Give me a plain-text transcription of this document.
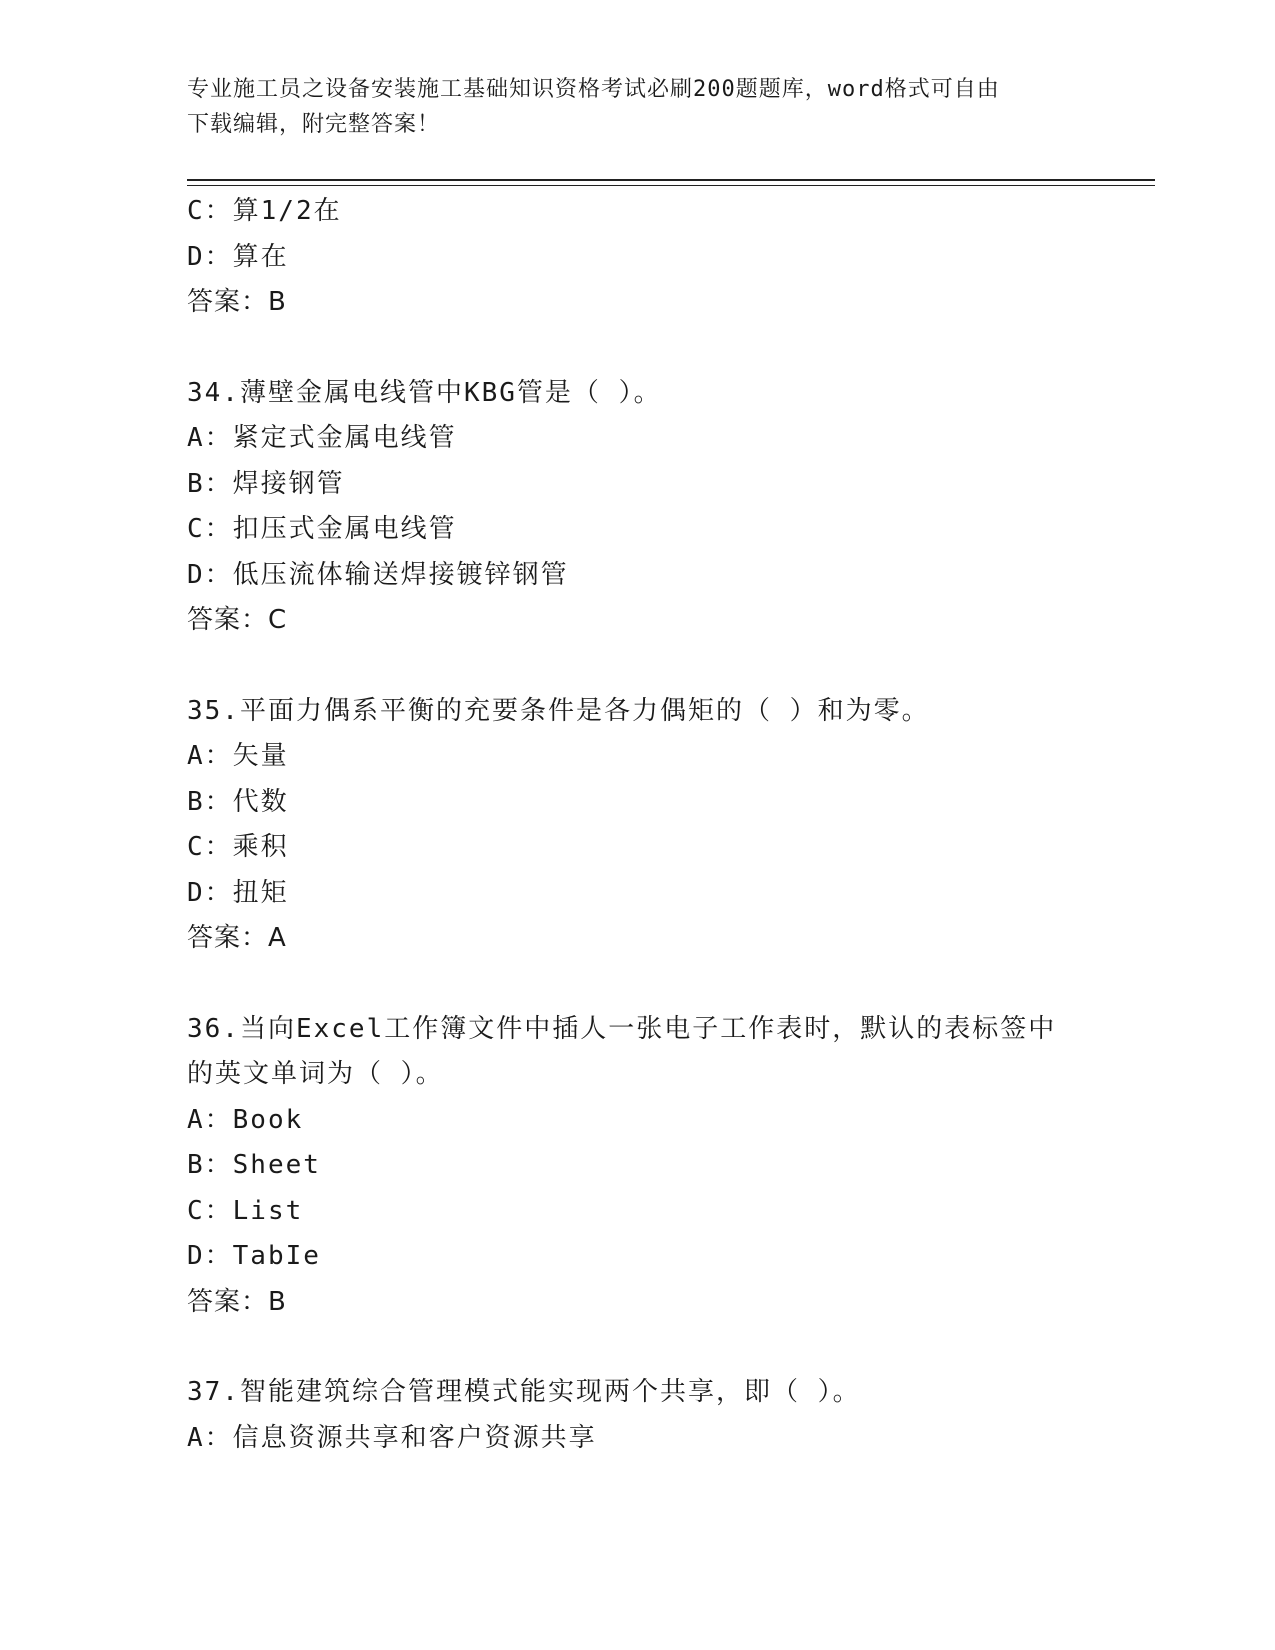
专业施工员之设备安装施工基础知识资格考试必刷200题题库，word格式可自由
下载编辑，附完整答案！
C：算1/2在
D：算在
答案：B
34.薄壁金属电线管中KBG管是（ ）。
A：紧定式金属电线管
B：焊接钢管
C：扣压式金属电线管
D：低压流体输送焊接镀锌钢管
答案：C
35.平面力偶系平衡的充要条件是各力偶矩的（ ）和为零。
A：矢量
B：代数
C：乘积
D：扭矩
答案：A
36.当向Excel工作簿文件中插人一张电子工作表时，默认的表标签中
的英文单词为（ ）。
A：Book
B：Sheet
C：List
D：TabIe
答案：B
37.智能建筑综合管理模式能实现两个共享，即（ ）。
A：信息资源共享和客户资源共享
